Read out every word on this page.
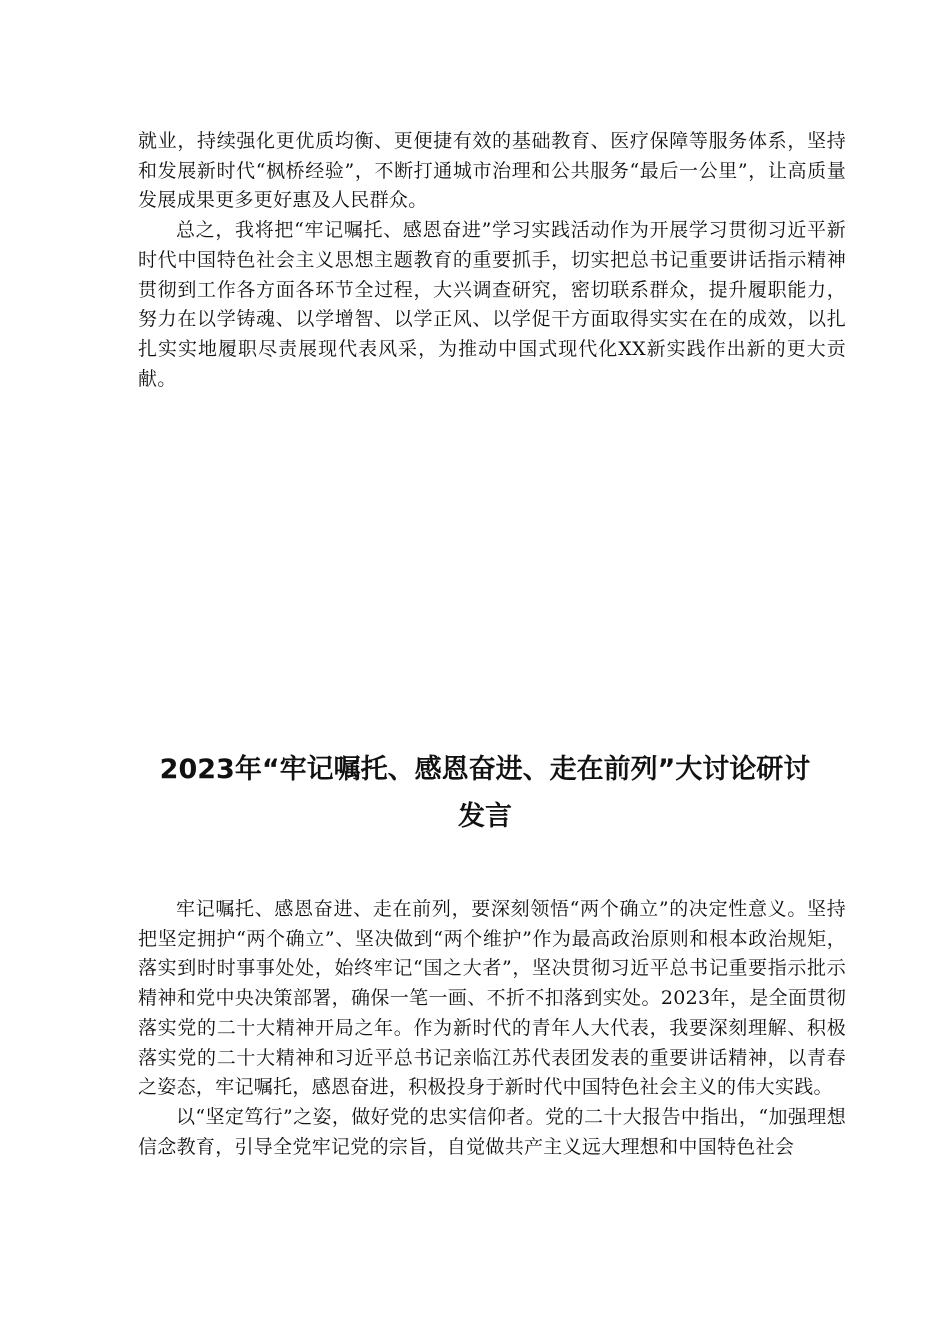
就业，持续强化更优质均衡、更便捷有效的基础教育、医疗保障等服务体系，坚持和发展新时代“枫桥经验”，不断打通城市治理和公共服务“最后一公里”，让高质量发展成果更多更好惠及人民群众。

总之，我将把“牢记嘱托、感恩奋进”学习实践活动作为开展学习贯彻习近平新时代中国特色社会主义思想主题教育的重要抓手，切实把总书记重要讲话指示精神贯彻到工作各方面各环节全过程，大兴调查研究，密切联系群众，提升履职能力，努力在以学铸魂、以学增智、以学正风、以学促干方面取得实实在在的成效，以扎扎实实地履职尽责展现代表风采，为推动中国式现代化XX新实践作出新的更大贡献。

2023年“牢记嘱托、感恩奋进、走在前列”大讨论研讨
发言

牢记嘱托、感恩奋进、走在前列，要深刻领悟“两个确立”的决定性意义。坚持把坚定拥护“两个确立”、坚决做到“两个维护”作为最高政治原则和根本政治规矩，落实到时时事事处处，始终牢记“国之大者”，坚决贯彻习近平总书记重要指示批示精神和党中央决策部署，确保一笔一画、不折不扣落到实处。2023年，是全面贯彻落实党的二十大精神开局之年。作为新时代的青年人大代表，我要深刻理解、积极落实党的二十大精神和习近平总书记亲临江苏代表团发表的重要讲话精神，以青春之姿态，牢记嘱托，感恩奋进，积极投身于新时代中国特色社会主义的伟大实践。

以“坚定笃行”之姿，做好党的忠实信仰者。党的二十大报告中指出，“加强理想信念教育，引导全党牢记党的宗旨，自觉做共产主义远大理想和中国特色社会
